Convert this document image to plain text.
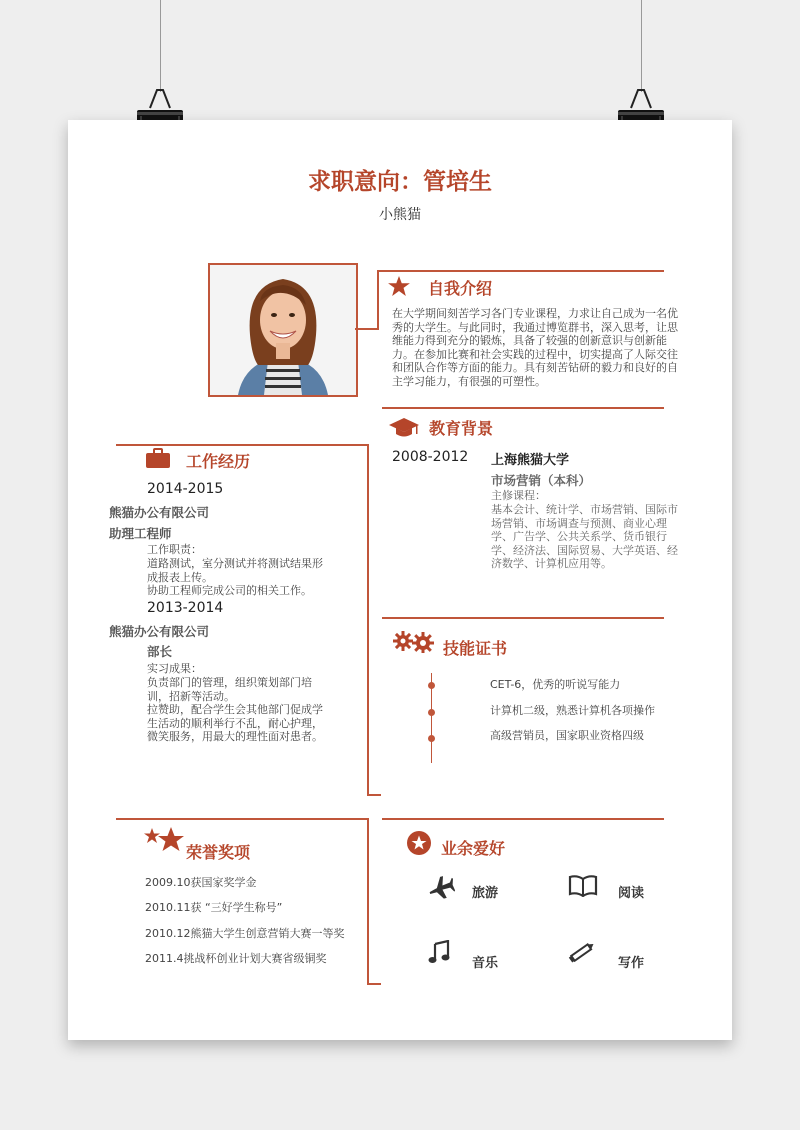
求职意向：管培生
小熊猫
自我介绍
在大学期间刻苦学习各门专业课程，力求让自己成为一名优秀的大学生。与此同时，我通过博览群书，深入思考，让思维能力得到充分的锻炼，具备了较强的创新意识与创新能力。在参加比赛和社会实践的过程中，切实提高了人际交往和团队合作等方面的能力。具有刻苦钻研的毅力和良好的自主学习能力，有很强的可塑性。
教育背景
2008-2012 上海熊猫大学
市场营销（本科）
主修课程：
基本会计、统计学、市场营销、国际市场营销、市场调查与预测、商业心理学、广告学、公共关系学、货币银行学、经济法、国际贸易、大学英语、经济数学、计算机应用等。
工作经历
2014-2015
熊猫办公有限公司
助理工程师
工作职责：
道路测试，室分测试并将测试结果形成报表上传。
协助工程师完成公司的相关工作。
2013-2014
熊猫办公有限公司
部长
实习成果：
负责部门的管理，组织策划部门培训，招新等活动。
拉赞助，配合学生会其他部门促成学生活动的顺利举行不乱，耐心护理，微笑服务，用最大的理性面对患者。
技能证书
CET-6，优秀的听说写能力
计算机二级，熟悉计算机各项操作
高级营销员，国家职业资格四级
荣誉奖项
2009.10获国家奖学金
2010.11获 “三好学生称号”
2010.12熊猫大学生创意营销大赛一等奖
2011.4挑战杯创业计划大赛省级铜奖
业余爱好
旅游	阅读
音乐	写作
